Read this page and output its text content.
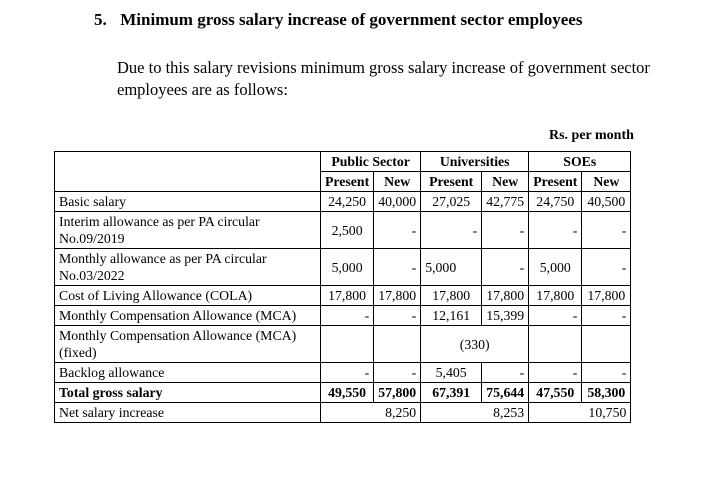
5. Minimum gross salary increase of government sector employees
Due to this salary revisions minimum gross salary increase of government sector employees are as follows:
Rs. per month
	Public Sector		Universities		SOEs	
	Present	New	Present	New	Present	New
Basic salary	24,250	40,000	27,025	42,775	24,750	40,500
Interim allowance as per PA circular No.09/2019	2,500	-	-	-	-	-
Monthly allowance as per PA circular No.03/2022	5,000	-	5,000	-	5,000	-
Cost of Living Allowance (COLA)	17,800	17,800	17,800	17,800	17,800	17,800
Monthly Compensation Allowance (MCA)	-	-	12,161	15,399	-	-
Monthly Compensation Allowance (MCA)(fixed)			(330)			
Backlog allowance	-	-	5,405	-	-	-
Total gross salary	49,550	57,800	67,391	75,644	47,550	58,300
Net salary increase	8,250		8,253		10,750	
